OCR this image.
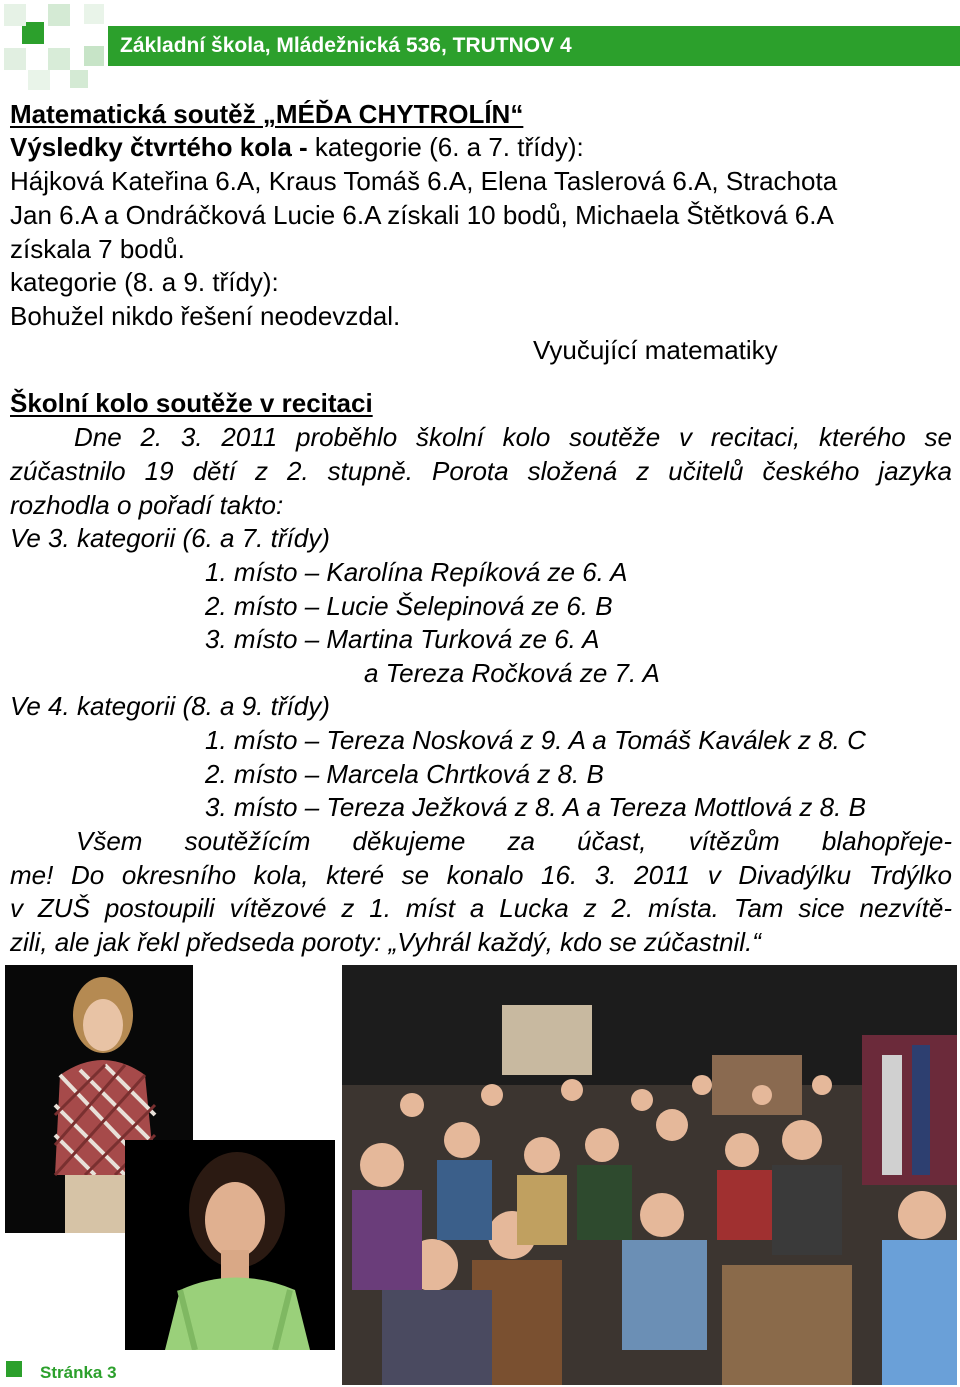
Základní škola, Mládežnická 536, TRUTNOV 4
Matematická soutěž „MÉĎA CHYTROLÍN“
Výsledky čtvrtého kola - kategorie (6. a 7. třídy):
Hájková Kateřina 6.A, Kraus Tomáš 6.A, Elena Taslerová 6.A, Strachota
Jan 6.A a Ondráčková Lucie 6.A získali 10 bodů, Michaela Štětková 6.A
získala 7 bodů.
kategorie (8. a 9. třídy):
Bohužel nikdo řešení neodevzdal.
Vyučující matematiky
Školní kolo soutěže v recitaci
Dne 2. 3. 2011 proběhlo školní kolo soutěže v recitaci, kterého se
zúčastnilo 19 dětí z 2. stupně. Porota složená z učitelů českého jazyka
rozhodla o pořadí takto:
Ve 3. kategorii (6. a 7. třídy)
1. místo – Karolína Repíková ze 6. A
2. místo – Lucie Šelepinová ze 6. B
3. místo – Martina Turková ze 6. A
a Tereza Ročková ze 7. A
Ve 4. kategorii (8. a 9. třídy)
1. místo – Tereza Nosková z 9. A a Tomáš Kaválek z 8. C
2. místo – Marcela Chrtková z 8. B
3. místo – Tereza Ježková z 8. A a Tereza Mottlová z 8. B
Všem soutěžícím děkujeme za účast, vítězům blahopřeje-
me! Do okresního kola, které se konalo 16. 3. 2011 v Divadýlku Trdýlko
v ZUŠ postoupili vítězové z 1. míst a Lucka z 2. místa. Tam sice nezvítě-
zili, ale jak řekl předseda poroty: „Vyhrál každý, kdo se zúčastnil.“
Stránka 3
